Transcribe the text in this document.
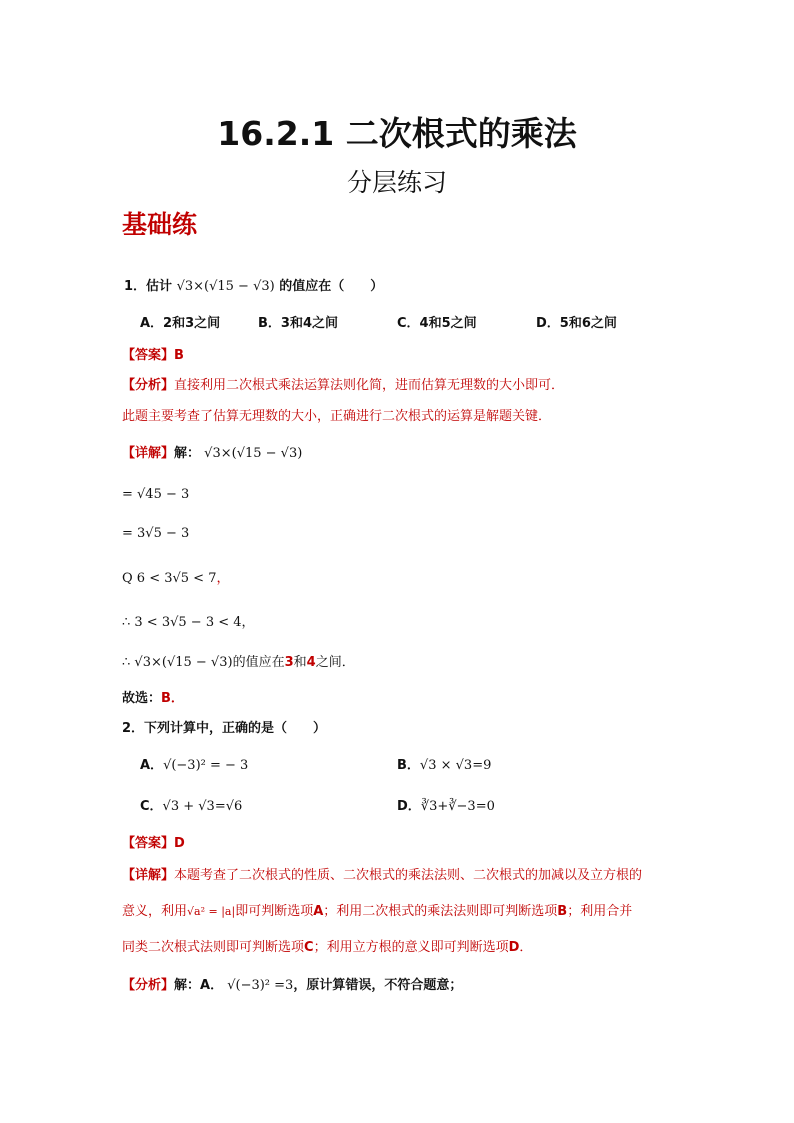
16.2.1 二次根式的乘法
分层练习
基础练
1．估计 √3×(√15 − √3) 的值应在（　　）
A．2和3之间	B．3和4之间	C．4和5之间	D．5和6之间
【答案】B
【分析】直接利用二次根式乘法运算法则化简，进而估算无理数的大小即可．
此题主要考查了估算无理数的大小，正确进行二次根式的运算是解题关键．
【详解】解： √3×(√15 − √3)
= √45 − 3
= 3√5 − 3
Q 6 < 3√5 < 7，
∴ 3 < 3√5 − 3 < 4，
∴ √3×(√15 − √3)的值应在3和4之间．
故选：B．
2．下列计算中，正确的是（　　）
A．√(−3)² = − 3	B．√3 × √3=9
C．√3 + √3=√6	D．∛3+∛−3=0
【答案】D
【详解】本题考查了二次根式的性质、二次根式的乘法法则、二次根式的加减以及立方根的
意义，利用√a² = |a|即可判断选项A；利用二次根式的乘法法则即可判断选项B；利用合并
同类二次根式法则即可判断选项C；利用立方根的意义即可判断选项D．
【分析】解：A． √(−3)² =3，原计算错误，不符合题意；
